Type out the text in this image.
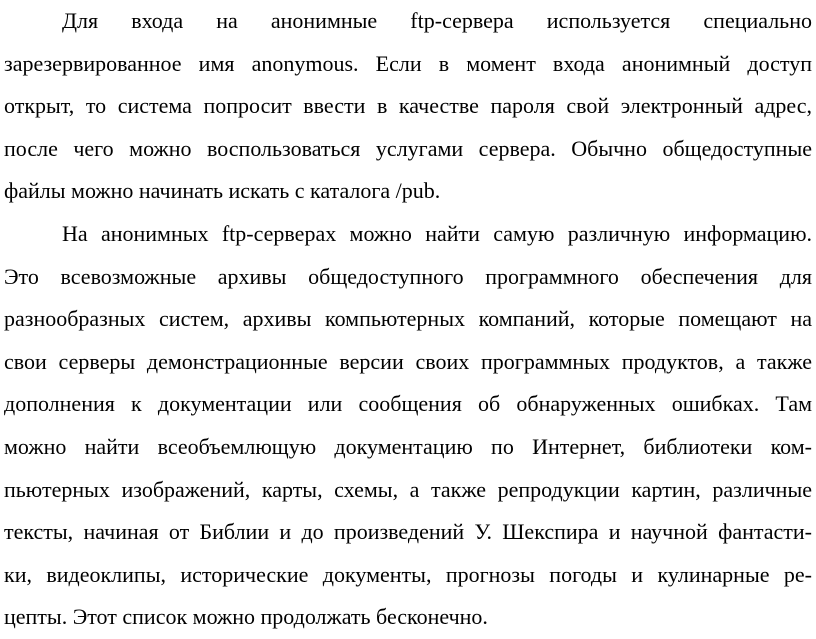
Для входа на анонимные ftp-сервера используется специально
зарезервированное имя anonymous. Если в момент входа анонимный доступ
открыт, то система попросит ввести в качестве пароля свой электронный адрес,
после чего можно воспользоваться услугами сервера. Обычно общедоступные
файлы можно начинать искать с каталога /pub.

На анонимных ftp-серверах можно найти самую различную информацию.
Это всевозможные архивы общедоступного программного обеспечения для
разнообразных систем, архивы компьютерных компаний, которые помещают на
свои серверы демонстрационные версии своих программных продуктов, а также
дополнения к документации или сообщения об обнаруженных ошибках. Там
можно найти всеобъемлющую документацию по Интернет, библиотеки ком-
пьютерных изображений, карты, схемы, а также репродукции картин, различные
тексты, начиная от Библии и до произведений У. Шекспира и научной фантасти-
ки, видеоклипы, исторические документы, прогнозы погоды и кулинарные ре-
цепты. Этот список можно продолжать бесконечно.
